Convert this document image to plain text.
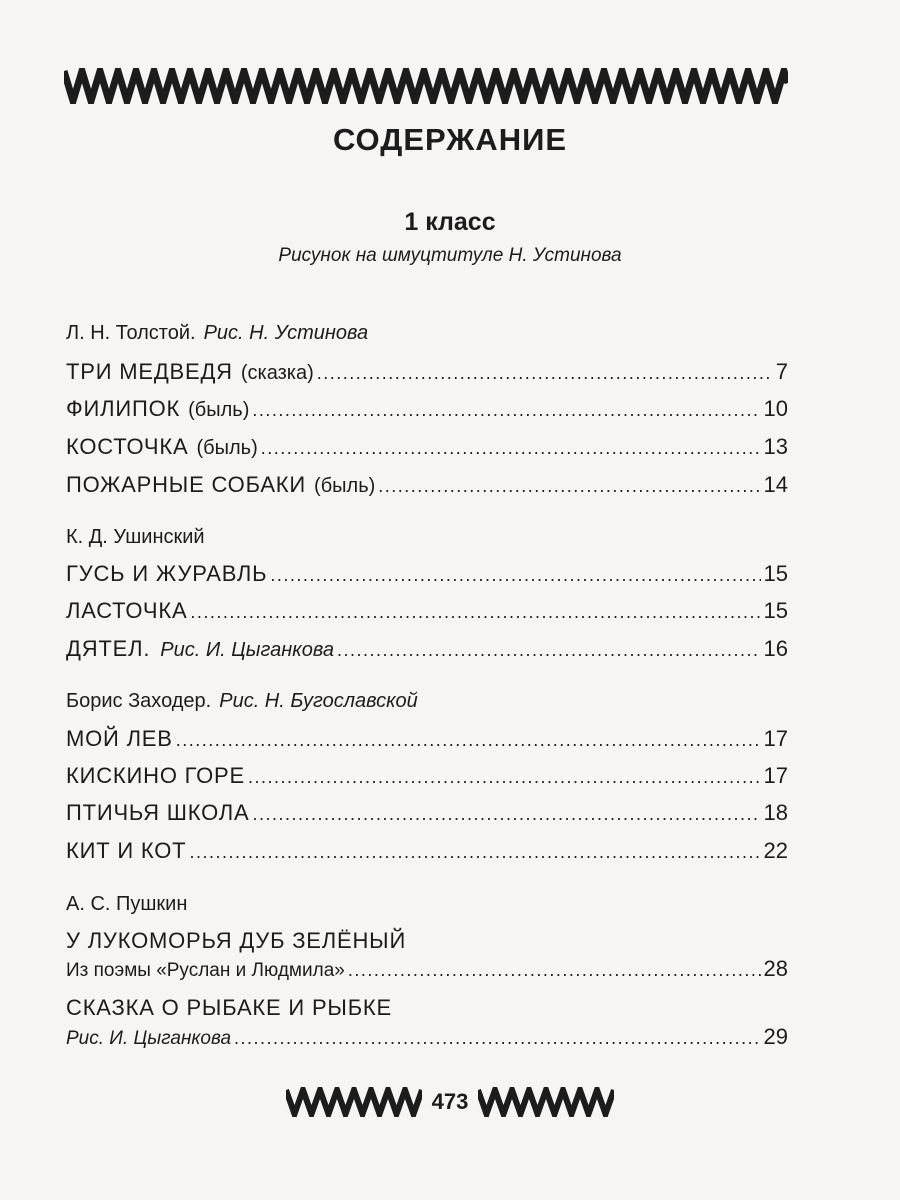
СОДЕРЖАНИЕ
1 класс
Рисунок на шмуцтитуле Н. Устинова
Л. Н. Толстой. Рис. Н. Устинова
ТРИ МЕДВЕДЯ (сказка) .....	7
ФИЛИПОК (быль) .....	10
КОСТОЧКА (быль) .....	13
ПОЖАРНЫЕ СОБАКИ (быль) .....	14
К. Д. Ушинский
ГУСЬ И ЖУРАВЛЬ .....	15
ЛАСТОЧКА .....	15
ДЯТЕЛ. Рис. И. Цыганкова .....	16
Борис Заходер. Рис. Н. Бугославской
МОЙ ЛЕВ .....	17
КИСКИНО ГОРЕ .....	17
ПТИЧЬЯ ШКОЛА .....	18
КИТ И КОТ .....	22
А. С. Пушкин
У ЛУКОМОРЬЯ ДУБ ЗЕЛЁНЫЙ
Из поэмы «Руслан и Людмила» .....	28
СКАЗКА О РЫБАКЕ И РЫБКЕ
Рис. И. Цыганкова .....	29
473
